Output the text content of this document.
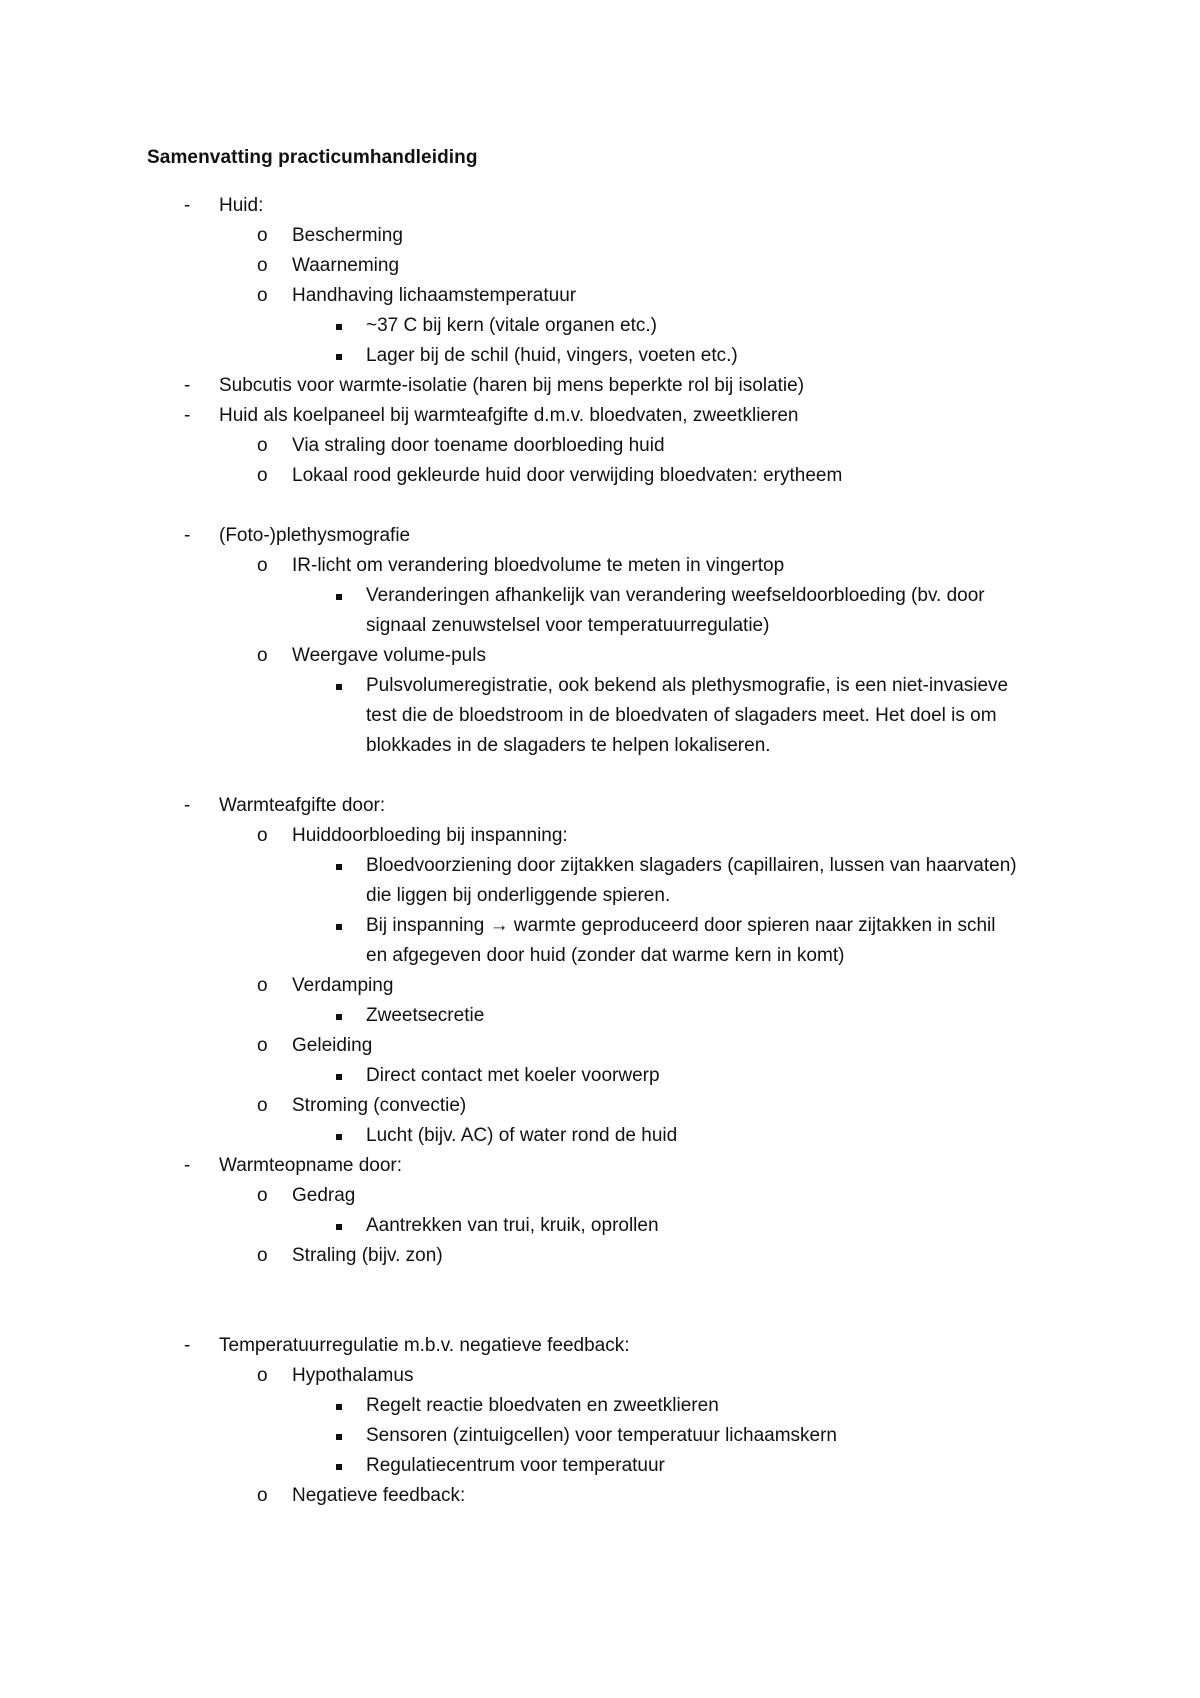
Samenvatting practicumhandleiding
- Huid:
o Bescherming
o Waarneming
o Handhaving lichaamstemperatuur
~37 C bij kern (vitale organen etc.)
Lager bij de schil (huid, vingers, voeten etc.)
- Subcutis voor warmte-isolatie (haren bij mens beperkte rol bij isolatie)
- Huid als koelpaneel bij warmteafgifte d.m.v. bloedvaten, zweetklieren
o Via straling door toename doorbloeding huid
o Lokaal rood gekleurde huid door verwijding bloedvaten: erytheem
- (Foto-)plethysmografie
o IR-licht om verandering bloedvolume te meten in vingertop
Veranderingen afhankelijk van verandering weefseldoorbloeding (bv. door
signaal zenuwstelsel voor temperatuurregulatie)
o Weergave volume-puls
Pulsvolumeregistratie, ook bekend als plethysmografie, is een niet-invasieve
test die de bloedstroom in de bloedvaten of slagaders meet. Het doel is om
blokkades in de slagaders te helpen lokaliseren.
- Warmteafgifte door:
o Huiddoorbloeding bij inspanning:
Bloedvoorziening door zijtakken slagaders (capillairen, lussen van haarvaten)
die liggen bij onderliggende spieren.
Bij inspanning → warmte geproduceerd door spieren naar zijtakken in schil
en afgegeven door huid (zonder dat warme kern in komt)
o Verdamping
Zweetsecretie
o Geleiding
Direct contact met koeler voorwerp
o Stroming (convectie)
Lucht (bijv. AC) of water rond de huid
- Warmteopname door:
o Gedrag
Aantrekken van trui, kruik, oprollen
o Straling (bijv. zon)
- Temperatuurregulatie m.b.v. negatieve feedback:
o Hypothalamus
Regelt reactie bloedvaten en zweetklieren
Sensoren (zintuigcellen) voor temperatuur lichaamskern
Regulatiecentrum voor temperatuur
o Negatieve feedback:
